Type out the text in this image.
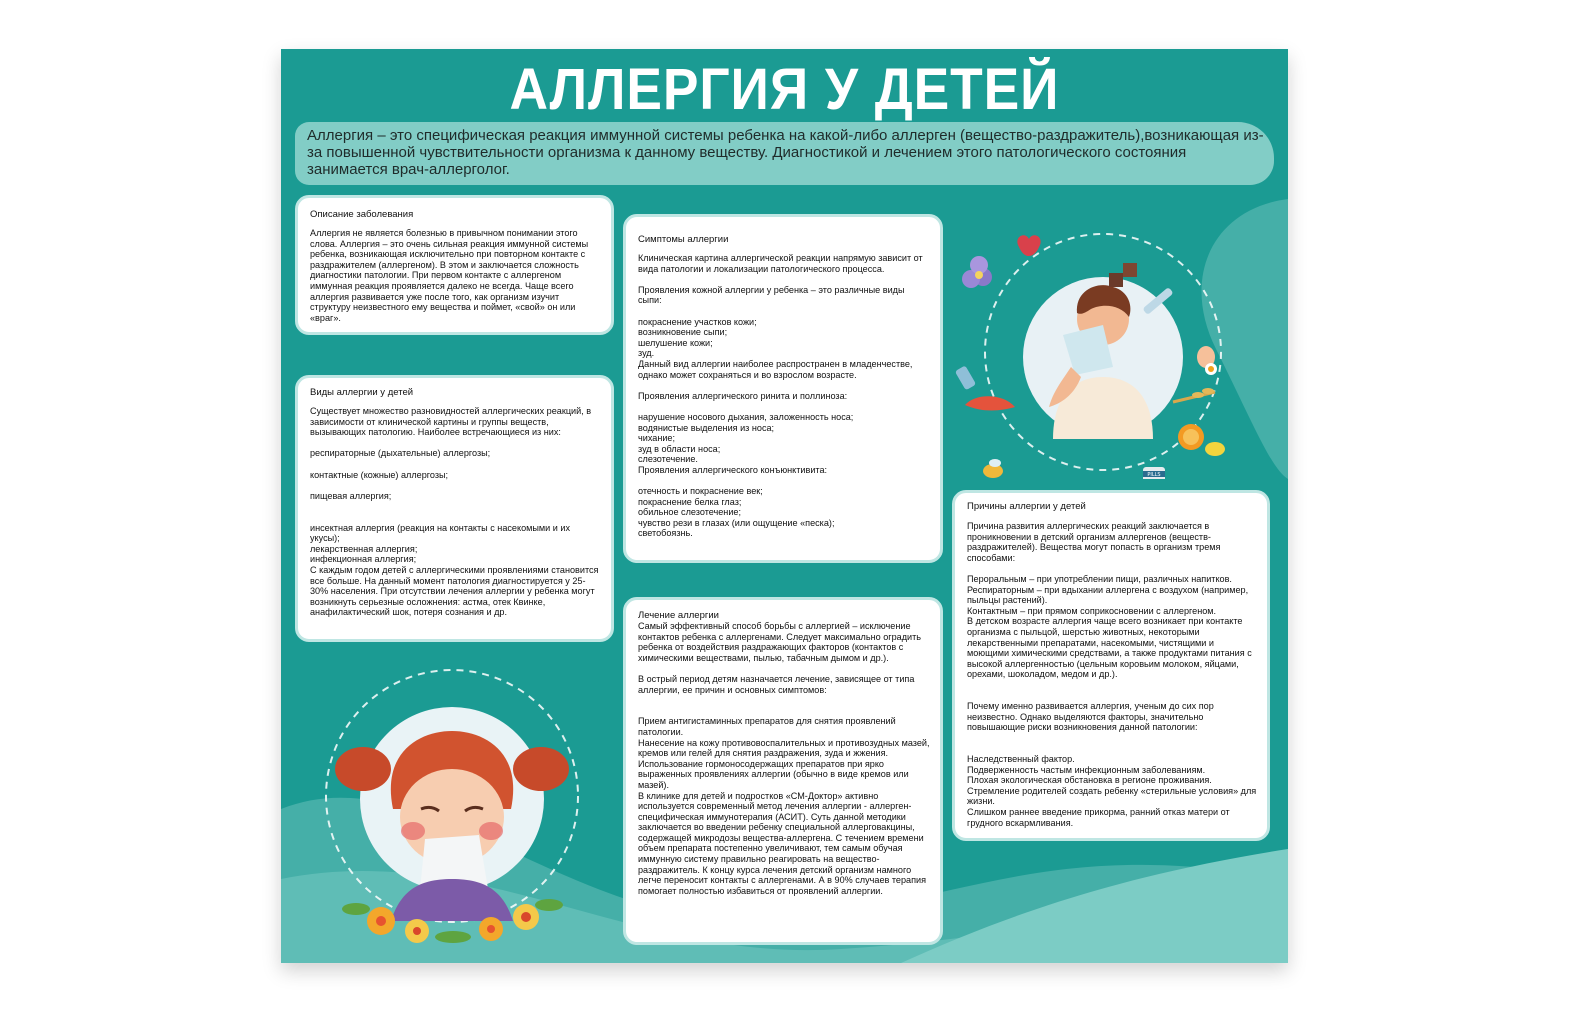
АЛЛЕРГИЯ У ДЕТЕЙ

Аллергия – это специфическая реакция иммунной системы ребенка на какой-либо аллерген (вещество-раздражитель),возникающая из-за повышенной чувствительности организма к данному веществу. Диагностикой и лечением этого патологического состояния занимается врач-аллерголог.

Описание заболевания

Аллергия не является болезнью в привычном понимании этого слова. Аллергия – это очень сильная реакция иммунной системы ребенка, возникающая исключительно при повторном контакте с раздражителем (аллергеном). В этом и заключается сложность диагностики патологии. При первом контакте с аллергеном иммунная реакция проявляется далеко не всегда. Чаще всего аллергия развивается уже после того, как организм изучит структуру неизвестного ему вещества и поймет, «свой» он или «враг».

Виды аллергии у детей

Существует множество разновидностей аллергических реакций, в зависимости от клинической картины и группы веществ, вызывающих патологию. Наиболее встречающиеся из них:

респираторные (дыхательные) аллергозы;

контактные (кожные) аллергозы;

пищевая аллергия;

инсектная аллергия (реакция на контакты с насекомыми и их укусы);
лекарственная аллергия;
инфекционная аллергия;
С каждым годом детей с аллергическими проявлениями становится все больше. На данный момент патология диагностируется у 25-30% населения. При отсутствии лечения аллергии у ребенка могут возникнуть серьезные осложнения: астма, отек Квинке, анафилактический шок, потеря сознания и др.

Симптомы аллергии

Клиническая картина аллергической реакции напрямую зависит от вида патологии и локализации патологического процесса.

Проявления кожной аллергии у ребенка – это различные виды сыпи:

покраснение участков кожи;
возникновение сыпи;
шелушение кожи;
зуд.
Данный вид аллергии наиболее распространен в младенчестве, однако может сохраняться и во взрослом возрасте.

Проявления аллергического ринита и поллиноза:

нарушение носового дыхания, заложенность носа;
водянистые выделения из носа;
чихание;
зуд в области носа;
слезотечение.
Проявления аллергического конъюнктивита:

отечность и покраснение век;
покраснение белка глаз;
обильное слезотечение;
чувство рези в глазах (или ощущение «песка);
светобоязнь.

Лечение аллергии

Самый эффективный способ борьбы с аллергией – исключение контактов ребенка с аллергенами. Следует максимально оградить ребенка от воздействия раздражающих факторов (контактов с химическими веществами, пылью, табачным дымом и др.).

В острый период детям назначается лечение, зависящее от типа аллергии, ее причин и основных симптомов:

Прием антигистаминных препаратов для снятия проявлений патологии.
Нанесение на кожу противовоспалительных и противозудных мазей, кремов или гелей для снятия раздражения, зуда и жжения.
Использование гормоносодержащих препаратов при ярко выраженных проявлениях аллергии (обычно в виде кремов или мазей).
В клинике для детей и подростков «СМ-Доктор» активно используется современный метод лечения аллергии - аллерген-специфическая иммунотерапия (АСИТ). Суть данной методики заключается во введении ребенку специальной аллерговакцины, содержащей микродозы вещества-аллергена. С течением времени объем препарата постепенно увеличивают, тем самым обучая иммунную систему правильно реагировать на вещество-раздражитель. К концу курса лечения детский организм намного легче переносит контакты с аллергенами. А в 90% случаев терапия помогает полностью избавиться от проявлений аллергии.

Причины аллергии у детей

Причина развития аллергических реакций заключается в проникновении в детский организм аллергенов (веществ-раздражителей). Вещества могут попасть в организм тремя способами:

Пероральным – при употреблении пищи, различных напитков.
Респираторным – при вдыхании аллергена с воздухом (например, пыльцы растений).
Контактным – при прямом соприкосновении с аллергеном.
В детском возрасте аллергия чаще всего возникает при контакте организма с пыльцой, шерстью животных, некоторыми лекарственными препаратами, насекомыми, чистящими и моющими химическими средствами, а также продуктами питания с высокой аллергенностью (цельным коровьим молоком, яйцами, орехами, шоколадом, медом и др.).

Почему именно развивается аллергия, ученым до сих пор неизвестно. Однако выделяются факторы, значительно повышающие риски возникновения данной патологии:

Наследственный фактор.
Подверженность частым инфекционным заболеваниям.
Плохая экологическая обстановка в регионе проживания.
Стремление родителей создать ребенку «стерильные условия» для жизни.
Слишком раннее введение прикорма, ранний отказ матери от грудного вскармливания.

PILLS
